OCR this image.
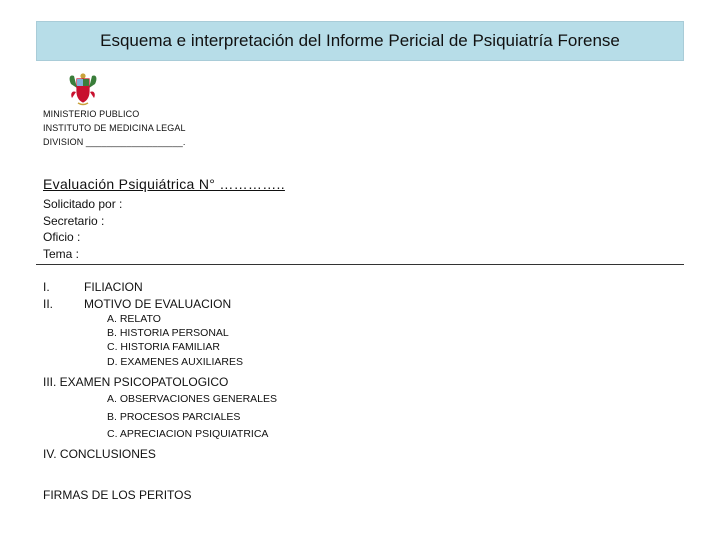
Esquema e interpretación del Informe Pericial de Psiquiatría Forense
MINISTERIO PUBLICO
INSTITUTO DE MEDICINA LEGAL
DIVISION ___________________.
Evaluación Psiquiátrica N° …………..
Solicitado por :
Secretario :
Oficio :
Tema :
I.	FILIACION
II.	MOTIVO DE EVALUACION
A. RELATO
B. HISTORIA PERSONAL
C. HISTORIA FAMILIAR
D. EXAMENES AUXILIARES
III. EXAMEN PSICOPATOLOGICO
A. OBSERVACIONES GENERALES
B. PROCESOS PARCIALES
C. APRECIACION PSIQUIATRICA
IV. CONCLUSIONES
FIRMAS DE LOS PERITOS
